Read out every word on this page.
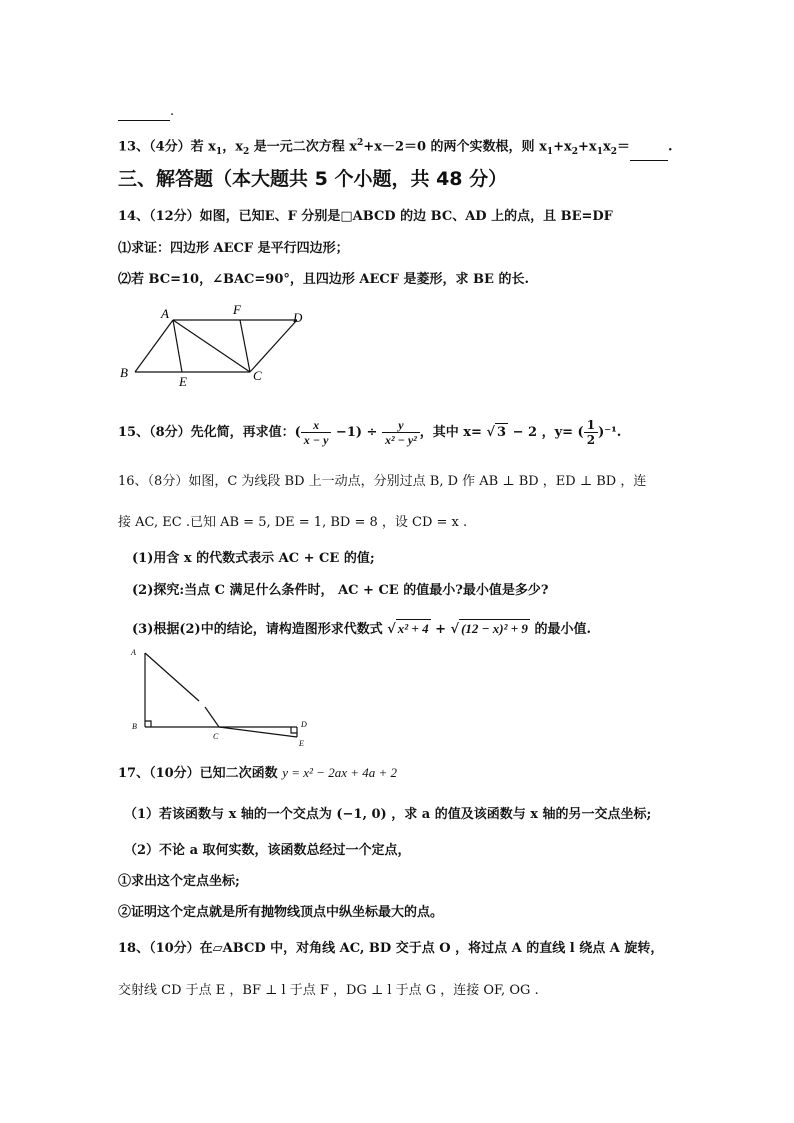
.
13、（4分）若 $x_1$，$x_2$ 是一元二次方程 $x^2+x-2=0$ 的两个实数根，则 $x_1+x_2+x_1x_2=$	.
三、解答题（本大题共 5 个小题，共 48 分）
14、（12分）如图，已知E、F 分别是□ABCD 的边 BC、AD 上的点，且 BE=DF
⑴求证：四边形 AECF 是平行四边形；
⑵若 BC=10，∠BAC=90°，且四边形 AECF 是菱形，求 BE 的长.
A	F
D
B
E	C
15、（8分）先化简，再求值：( $\frac{x}{x - y} -1) \div \frac{y}{\text{x² − y²}}$ ，其中 x= √ 3 − 2 ，y= ( $\frac{1}{2} )^{-1}$.
16、（8分）如图，C 为线段 BD 上一动点，分别过点 B, D 作 AB ⊥ BD ，ED ⊥ BD ，连
接 AC, EC .已知 AB = 5, DE = 1, BD = 8 ，设 CD = x .
(1)用含 x 的代数式表示 AC + CE 的值;
(2)探究:当点 C 满足什么条件时， AC + CE 的值最小?最小值是多少?
(3)根据(2)中的结论，请构造图形求代数式 √ x² + 4 + √ (12 − x)² + 9 的最小值.
A
B
C
D
E
17、（10分）已知二次函数 y = x² − 2ax + 4a + 2
（1）若该函数与 x 轴的一个交点为 (−1, 0) ，求 a 的值及该函数与 x 轴的另一交点坐标;
（2）不论 a 取何实数，该函数总经过一个定点，
①求出这个定点坐标;
②证明这个定点就是所有抛物线顶点中纵坐标最大的点。
18、（10分）在▱ABCD 中，对角线 AC, BD 交于点 O ，将过点 A 的直线 l 绕点 A 旋转，
交射线 CD 于点 E ，BF ⊥ l 于点 F ，DG ⊥ l 于点 G ，连接 OF, OG .
